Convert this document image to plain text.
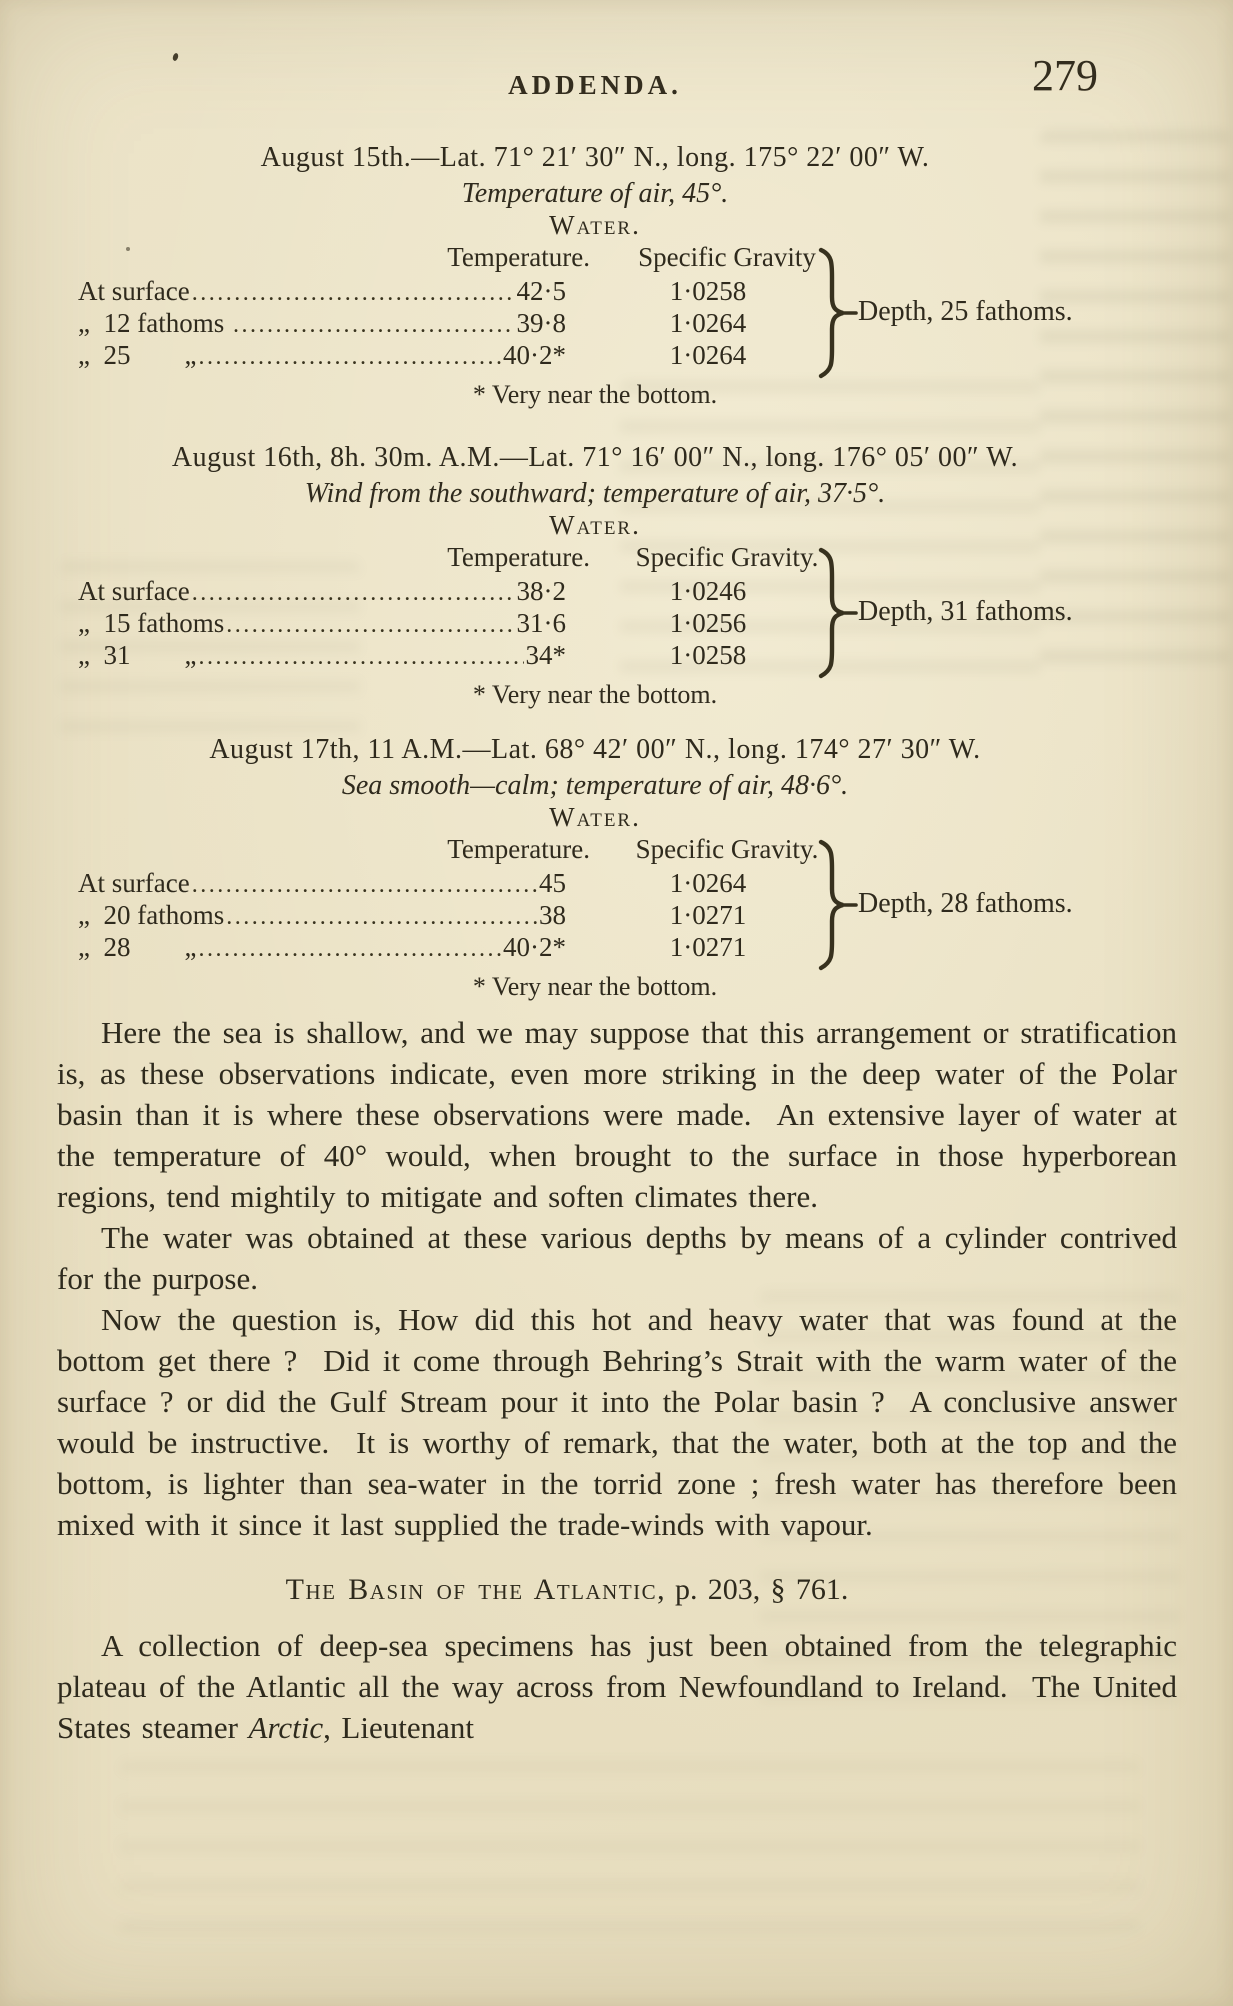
ADDENDA.	279
August 15th.—Lat. 71° 21′ 30″ N., long. 175° 22′ 00″ W.
Temperature of air, 45°.
Water.
Temperature.	Specific Gravity
At surface .....	42·5	1·0258
„  12 fathoms .....	39·8	1·0264
„  25        „ .....	40·2*	1·0264
Depth, 25 fathoms.
* Very near the bottom.
August 16th, 8h. 30m. A.M.—Lat. 71° 16′ 00″ N., long. 176° 05′ 00″ W.
Wind from the southward; temperature of air, 37·5°.
Water.
Temperature.	Specific Gravity.
At surface .....	38·2	1·0246
„  15 fathoms .....	31·6	1·0256
„  31        „ .....	34*	1·0258
Depth, 31 fathoms.
* Very near the bottom.
August 17th, 11 A.M.—Lat. 68° 42′ 00″ N., long. 174° 27′ 30″ W.
Sea smooth—calm; temperature of air, 48·6°.
Water.
Temperature.	Specific Gravity.
At surface .....	45	1·0264
„  20 fathoms .....	38	1·0271
„  28        „ .....	40·2*	1·0271
Depth, 28 fathoms.
* Very near the bottom.

Here the sea is shallow, and we may suppose that this arrangement or stratification is, as these observations indicate, even more striking in the deep water of the Polar basin than it is where these observations were made.  An extensive layer of water at the temperature of 40° would, when brought to the surface in those hyperborean regions, tend mightily to mitigate and soften climates there.

The water was obtained at these various depths by means of a cylinder contrived for the purpose.

Now the question is, How did this hot and heavy water that was found at the bottom get there ?  Did it come through Behring’s Strait with the warm water of the surface ? or did the Gulf Stream pour it into the Polar basin ?  A conclusive answer would be instructive.  It is worthy of remark, that the water, both at the top and the bottom, is lighter than sea-water in the torrid zone ; fresh water has therefore been mixed with it since it last supplied the trade-winds with vapour.

The Basin of the Atlantic, p. 203, § 761.

A collection of deep-sea specimens has just been obtained from the telegraphic plateau of the Atlantic all the way across from Newfoundland to Ireland.  The United States steamer Arctic, Lieutenant
